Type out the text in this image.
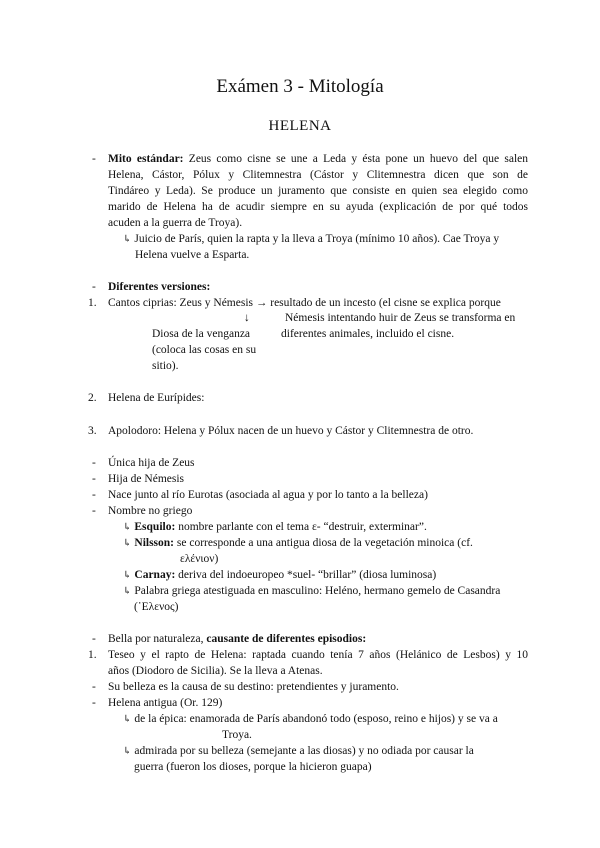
Exámen 3 - Mitología
HELENA
- Mito estándar: Zeus como cisne se une a Leda y ésta pone un huevo del que salen
Helena, Cástor, Pólux y Clitemnestra (Cástor y Clitemnestra dicen que son de
Tindáreo y Leda). Se produce un juramento que consiste en quien sea elegido como
marido de Helena ha de acudir siempre en su ayuda (explicación de por qué todos
acuden a la guerra de Troya).
↳ Juicio de París, quien la rapta y la lleva a Troya (mínimo 10 años). Cae Troya y
Helena vuelve a Esparta.
- Diferentes versiones:
1. Cantos ciprias: Zeus y Némesis → resultado de un incesto (el cisne se explica porque
↓	Némesis intentando huir de Zeus se transforma en
Diosa de la venganza	diferentes animales, incluido el cisne.
(coloca las cosas en su
sitio).
2. Helena de Eurípides:
3. Apolodoro: Helena y Pólux nacen de un huevo y Cástor y Clitemnestra de otro.
- Única hija de Zeus
- Hija de Némesis
- Nace junto al río Eurotas (asociada al agua y por lo tanto a la belleza)
- Nombre no griego
↳ Esquilo: nombre parlante con el tema ε- “destruir, exterminar”.
↳ Nilsson: se corresponde a una antigua diosa de la vegetación minoica (cf.
ελένιον)
↳ Carnay: deriva del indoeuropeo *suel- “brillar” (diosa luminosa)
↳ Palabra griega atestiguada en masculino: Heléno, hermano gemelo de Casandra
(῾Ελενος)
- Bella por naturaleza, causante de diferentes episodios:
1. Teseo y el rapto de Helena: raptada cuando tenía 7 años (Helánico de Lesbos) y 10
años (Diodoro de Sicilia). Se la lleva a Atenas.
- Su belleza es la causa de su destino: pretendientes y juramento.
- Helena antigua (Or. 129)
↳ de la épica: enamorada de París abandonó todo (esposo, reino e hijos) y se va a
Troya.
↳ admirada por su belleza (semejante a las diosas) y no odiada por causar la
guerra (fueron los dioses, porque la hicieron guapa)
